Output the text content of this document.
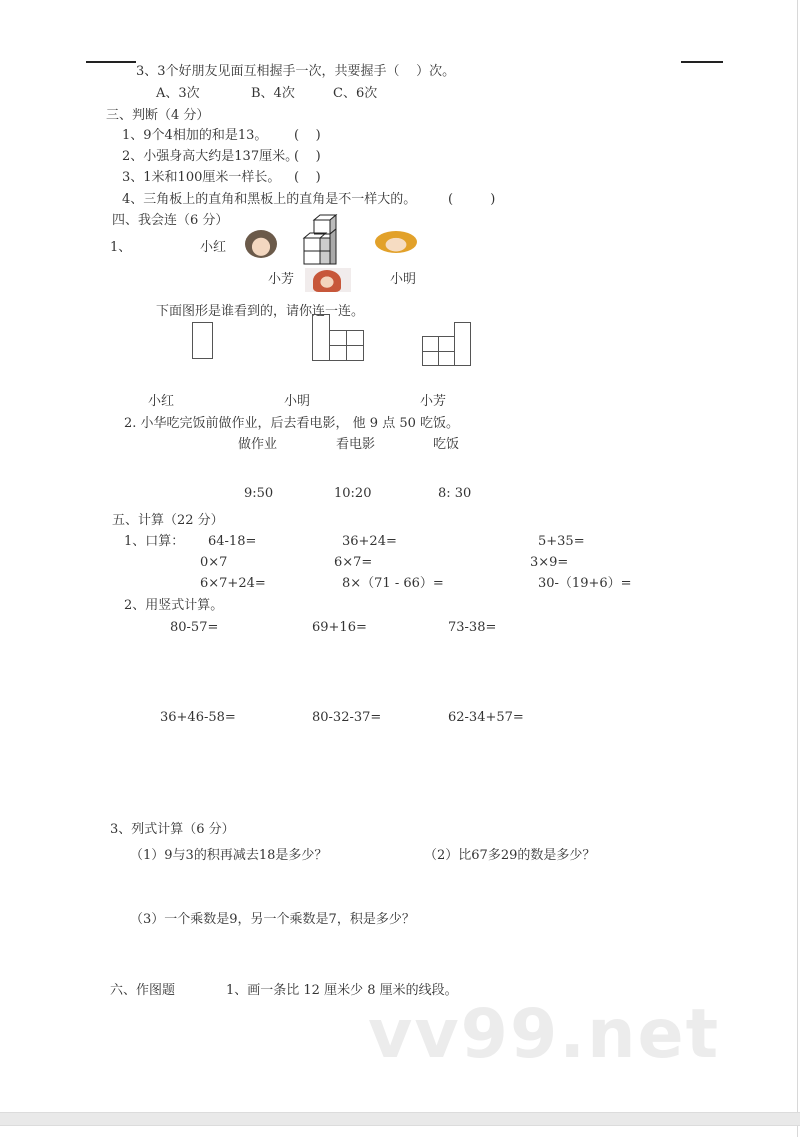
3、3个好朋友见面互相握手一次，共要握手（    ）次。
A、3次	B、4次	C、6次
三、判断（4 分）
1、9个4相加的和是13。 (    )
2、小强身高大约是137厘米。
(    )
3、1米和100厘米一样长。 (    )
4、三角板上的直角和黑板上的直角是不一样大的。 (         )
四、我会连（6 分）
1、	小红
小芳	小明
下面图形是谁看到的，请你连一连。
小红	小明	小芳
2. 小华吃完饭前做作业，后去看电影， 他 9 点 50 吃饭。
做作业	看电影	吃饭
9:50	10:20	8: 30
五、计算（22 分）
1、口算： 64-18=	36+24=	5+35=
0×7	6×7=	3×9=
6×7+24=	8×（71 - 66）=	30-（19+6）=
2、用竖式计算。
80-57=	69+16=	73-38=
36+46-58=	80-32-37=	62-34+57=
3、列式计算（6 分）
（1）9与3的积再减去18是多少？	（2）比67多29的数是多少？
（3）一个乘数是9，另一个乘数是7，积是多少？
六、作图题	1、画一条比 12 厘米少 8 厘米的线段。
vv99.net
